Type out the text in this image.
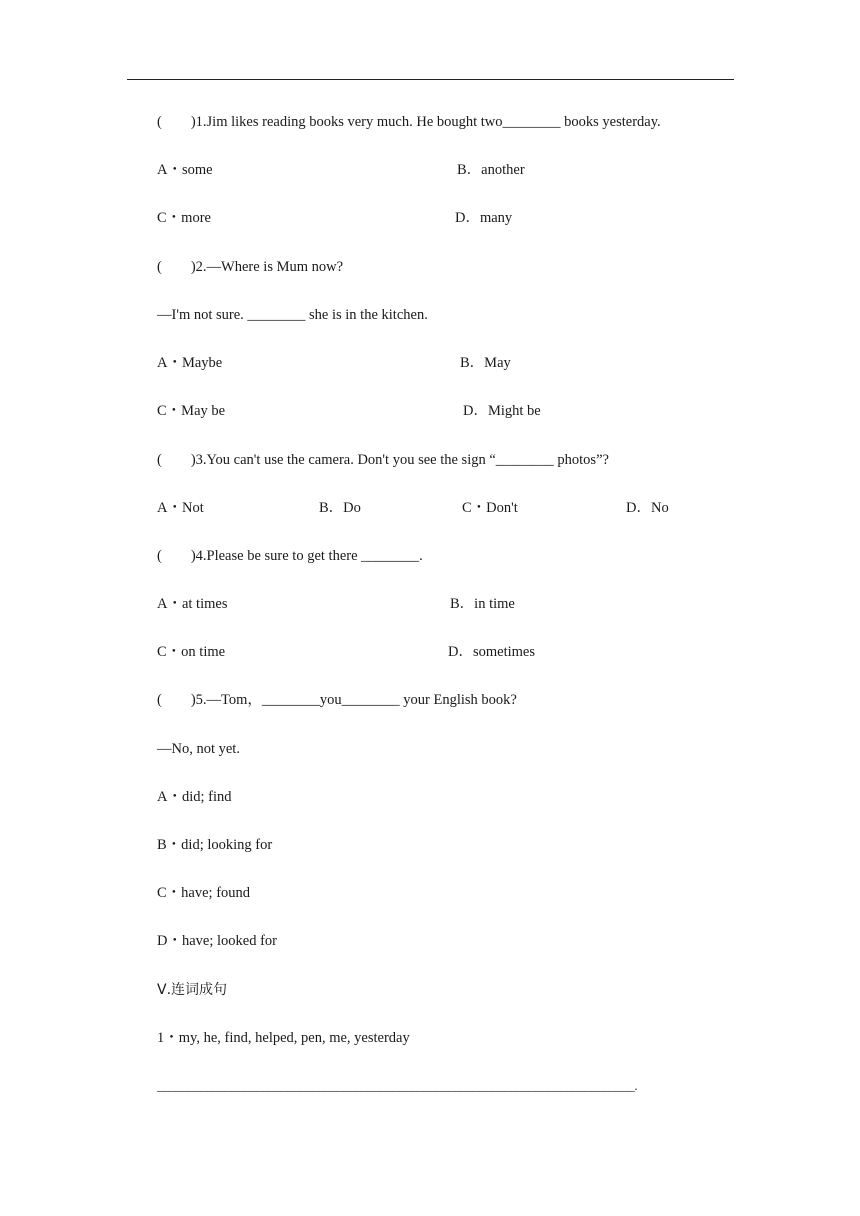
(        )1.Jim likes reading books very much. He bought two________ books yesterday.
A・some	B．another
C・more	D．many
(        )2.—Where is Mum now?
—I'm not sure. ________ she is in the kitchen.
A・Maybe	B．May
C・May be	D．Might be
(        )3.You can't use the camera. Don't you see the sign “________ photos”?
A・Not	B．Do	C・Don't	D．No
(        )4.Please be sure to get there ________.
A・at times	B．in time
C・on time	D．sometimes
(        )5.—Tom，________you________ your English book?
—No, not yet.
A・did; find
B・did; looking for
C・have; found
D・have; looked for
Ⅴ.连词成句
1・my, he, find, helped, pen, me, yesterday
_____________________________________________________________________________.
